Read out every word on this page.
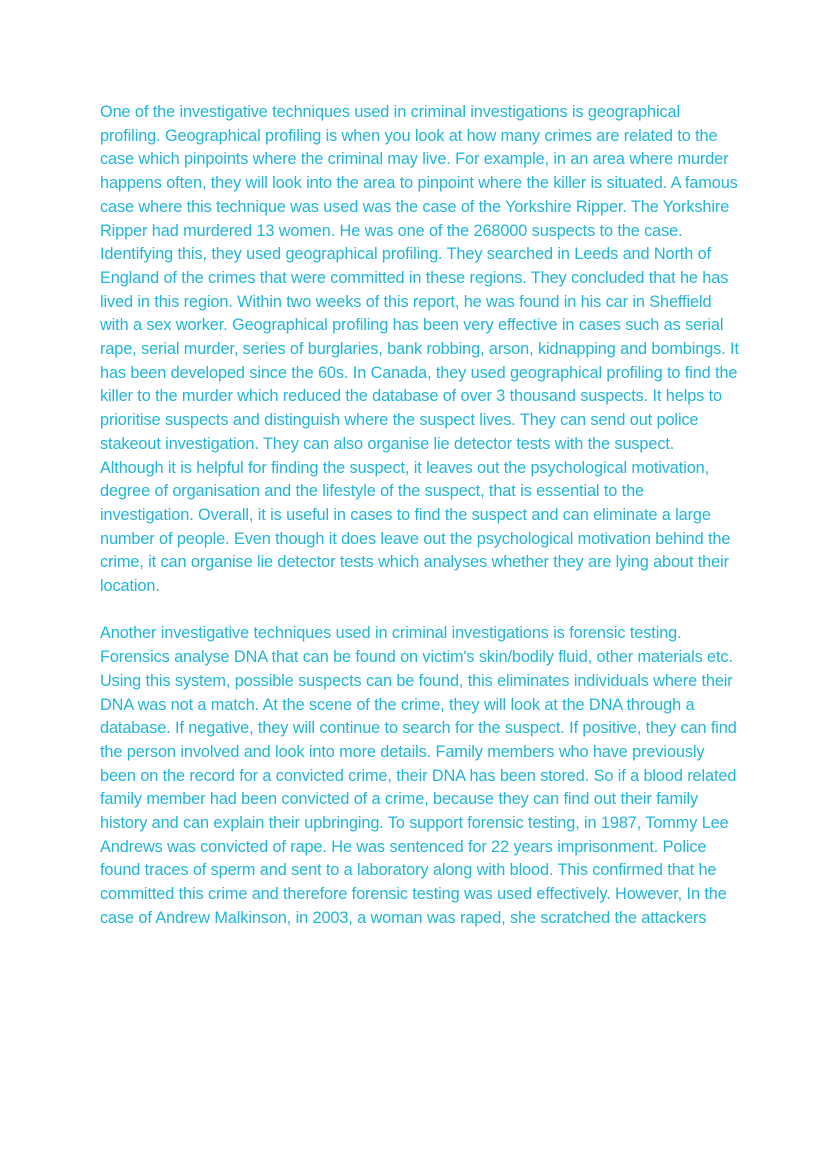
One of the investigative techniques used in criminal investigations is geographical profiling. Geographical profiling is when you look at how many crimes are related to the case which pinpoints where the criminal may live. For example, in an area where murder happens often, they will look into the area to pinpoint where the killer is situated. A famous case where this technique was used was the case of the Yorkshire Ripper. The Yorkshire Ripper had murdered 13 women. He was one of the 268000 suspects to the case. Identifying this, they used geographical profiling. They searched in Leeds and North of England of the crimes that were committed in these regions. They concluded that he has lived in this region. Within two weeks of this report, he was found in his car in Sheffield with a sex worker. Geographical profiling has been very effective in cases such as serial rape, serial murder, series of burglaries, bank robbing, arson, kidnapping and bombings. It has been developed since the 60s. In Canada, they used geographical profiling to find the killer to the murder which reduced the database of over 3 thousand suspects. It helps to prioritise suspects and distinguish where the suspect lives. They can send out police stakeout investigation. They can also organise lie detector tests with the suspect.

Although it is helpful for finding the suspect, it leaves out the psychological motivation, degree of organisation and the lifestyle of the suspect, that is essential to the investigation. Overall, it is useful in cases to find the suspect and can eliminate a large number of people. Even though it does leave out the psychological motivation behind the crime, it can organise lie detector tests which analyses whether they are lying about their location.

Another investigative techniques used in criminal investigations is forensic testing. Forensics analyse DNA that can be found on victim's skin/bodily fluid, other materials etc. Using this system, possible suspects can be found, this eliminates individuals where their DNA was not a match. At the scene of the crime, they will look at the DNA through a database. If negative, they will continue to search for the suspect. If positive, they can find the person involved and look into more details. Family members who have previously been on the record for a convicted crime, their DNA has been stored. So if a blood related family member had been convicted of a crime, because they can find out their family history and can explain their upbringing. To support forensic testing, in 1987, Tommy Lee Andrews was convicted of rape. He was sentenced for 22 years imprisonment. Police found traces of sperm and sent to a laboratory along with blood. This confirmed that he committed this crime and therefore forensic testing was used effectively. However, In the case of Andrew Malkinson, in 2003, a woman was raped, she scratched the attackers
